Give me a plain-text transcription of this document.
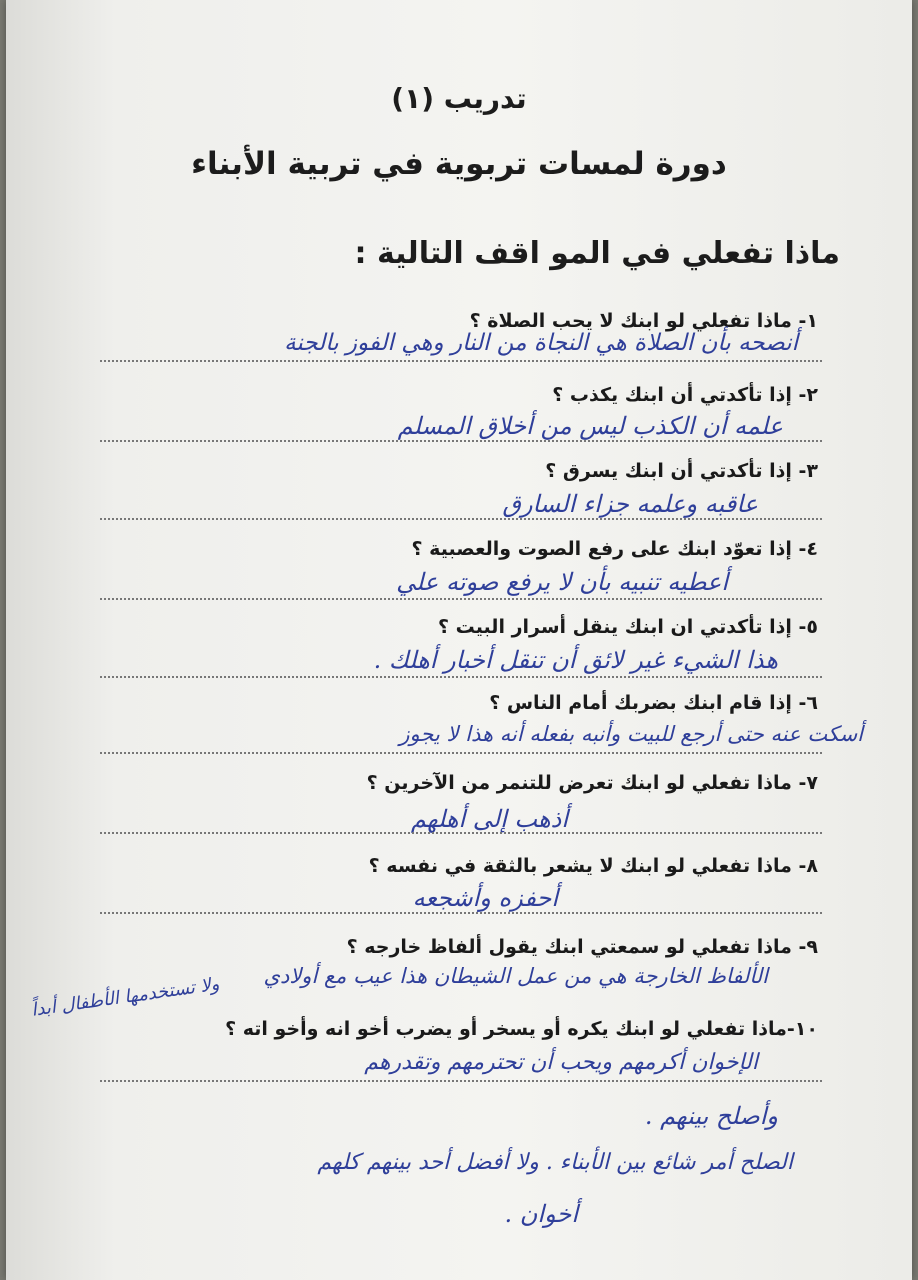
تدريب (١)
دورة لمسات تربوية في تربية الأبناء
ماذا تفعلي في المو اقف التالية :
١- ماذا تفعلي لو ابنك لا يحب الصلاة ؟
أنصحه بأن الصلاة هي النجاة من النار وهي الفوز بالجنة
٢- إذا تأكدتي أن ابنك يكذب ؟
علمه أن الكذب ليس من أخلاق المسلم
٣- إذا تأكدتي أن ابنك يسرق ؟
عاقبه وعلمه جزاء السارق
٤- إذا تعوّد ابنك على رفع الصوت والعصبية ؟
أعطيه تنبيه بأن لا يرفع صوته علي
٥- إذا تأكدتي ان ابنك ينقل أسرار البيت ؟
هذا الشيء غير لائق أن تنقل أخبار أهلك .
٦- إذا قام ابنك بضربك أمام الناس ؟
أسكت عنه حتى أرجع للبيت وأنبه بفعله أنه هذا لا يجوز
٧- ماذا تفعلي لو ابنك تعرض للتنمر من الآخرين ؟
أذهب إلى أهلهم
٨- ماذا تفعلي لو ابنك لا يشعر بالثقة في نفسه ؟
أحفزه وأشجعه
٩- ماذا تفعلي لو سمعتي ابنك يقول ألفاظ خارجه ؟
الألفاظ الخارجة هي من عمل الشيطان هذا عيب مع أولادي
ولا تستخدمها الأطفال أبداً
١٠-ماذا تفعلي لو ابنك يكره أو يسخر أو يضرب أخو انه وأخو اته ؟
الإخوان أكرمهم ويحب أن تحترمهم وتقدرهم
وأصلح بينهم .
الصلح أمر شائع بين الأبناء . ولا أفضل أحد بينهم كلهم
أخوان .
